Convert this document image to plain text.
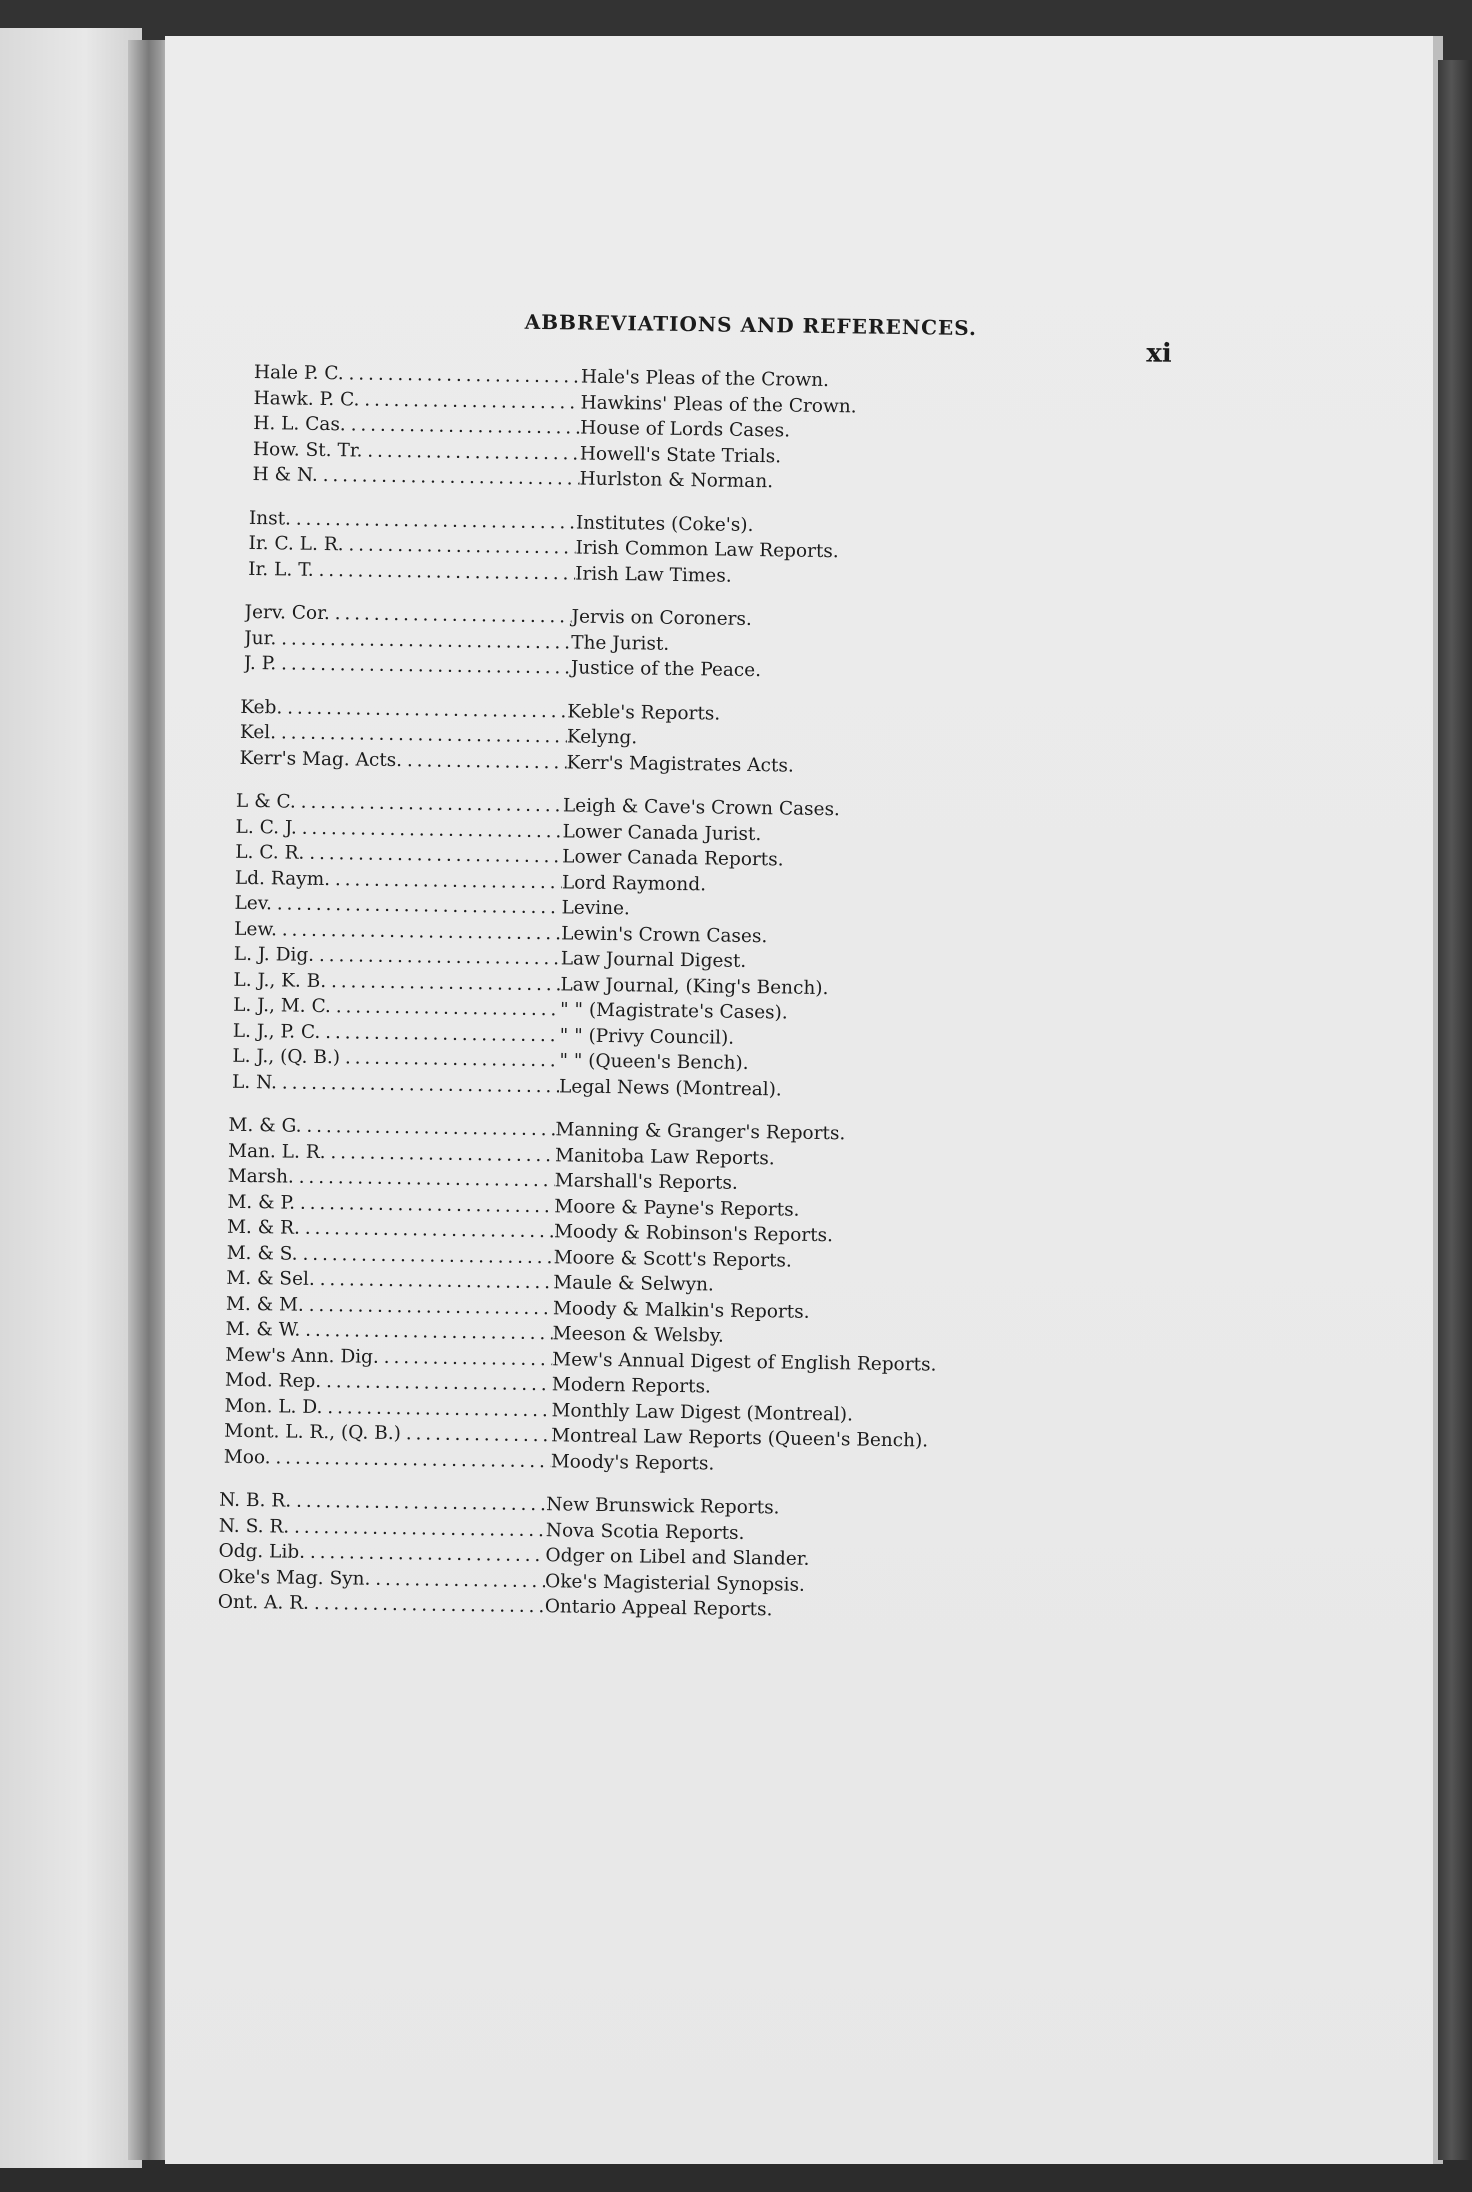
ABBREVIATIONS AND REFERENCES.
xi
Hale P. C. . . .	Hale's Pleas of the Crown.
Hawk. P. C. . . .	Hawkins' Pleas of the Crown.
H. L. Cas. . . .	House of Lords Cases.
How. St. Tr. . . .	Howell's State Trials.
H & N. . . .	Hurlston & Norman.
Inst. . . .	Institutes (Coke's).
Ir. C. L. R. . . .	Irish Common Law Reports.
Ir. L. T. . . .	Irish Law Times.
Jerv. Cor. . . .	Jervis on Coroners.
Jur. . . .	The Jurist.
J. P. . . .	Justice of the Peace.
Keb. . . .	Keble's Reports.
Kel. . . .	Kelyng.
Kerr's Mag. Acts. . . .	Kerr's Magistrates Acts.
L & C. . . .	Leigh & Cave's Crown Cases.
L. C. J. . . .	Lower Canada Jurist.
L. C. R. . . .	Lower Canada Reports.
Ld. Raym. . . .	Lord Raymond.
Lev. . . .	Levine.
Lew. . . .	Lewin's Crown Cases.
L. J. Dig. . . .	Law Journal Digest.
L. J., K. B. . . .	Law Journal, (King's Bench).
L. J., M. C. . . .	" " (Magistrate's Cases).
L. J., P. C. . . .	" " (Privy Council).
L. J., (Q. B.) . . .	" " (Queen's Bench).
L. N. . . .	Legal News (Montreal).
M. & G. . . .	Manning & Granger's Reports.
Man. L. R. . . .	Manitoba Law Reports.
Marsh. . . .	Marshall's Reports.
M. & P. . . .	Moore & Payne's Reports.
M. & R. . . .	Moody & Robinson's Reports.
M. & S. . . .	Moore & Scott's Reports.
M. & Sel. . . .	Maule & Selwyn.
M. & M. . . .	Moody & Malkin's Reports.
M. & W. . . .	Meeson & Welsby.
Mew's Ann. Dig. . . .	Mew's Annual Digest of English Reports.
Mod. Rep. . . .	Modern Reports.
Mon. L. D. . . .	Monthly Law Digest (Montreal).
Mont. L. R., (Q. B.) . . .	Montreal Law Reports (Queen's Bench).
Moo. . . .	Moody's Reports.
N. B. R. . . .	New Brunswick Reports.
N. S. R. . . .	Nova Scotia Reports.
Odg. Lib. . . .	Odger on Libel and Slander.
Oke's Mag. Syn. . . .	Oke's Magisterial Synopsis.
Ont. A. R. . . .	Ontario Appeal Reports.
